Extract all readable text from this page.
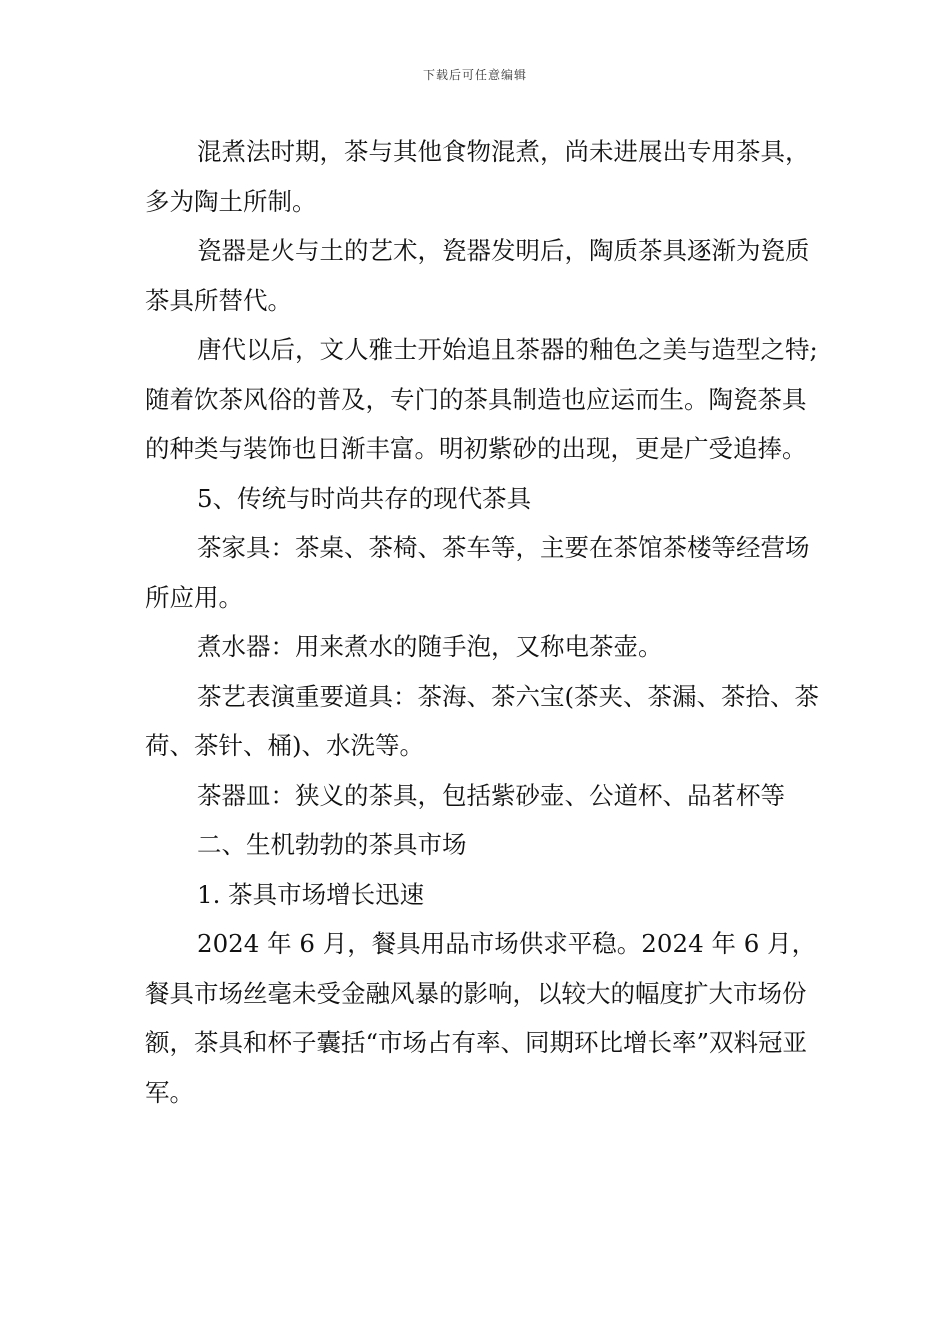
下载后可任意编辑

混煮法时期，茶与其他食物混煮，尚未进展出专用茶具，多为陶土所制。

瓷器是火与土的艺术，瓷器发明后，陶质茶具逐渐为瓷质茶具所替代。

唐代以后，文人雅士开始追且茶器的釉色之美与造型之特;随着饮茶风俗的普及，专门的茶具制造也应运而生。陶瓷茶具的种类与装饰也日渐丰富。明初紫砂的出现，更是广受追捧。

5、传统与时尚共存的现代茶具

茶家具：茶桌、茶椅、茶车等，主要在茶馆茶楼等经营场所应用。

煮水器：用来煮水的随手泡，又称电茶壶。

茶艺表演重要道具：茶海、茶六宝(茶夹、茶漏、茶拾、茶荷、茶针、桶)、水洗等。

茶器皿：狭义的茶具，包括紫砂壶、公道杯、品茗杯等

二、生机勃勃的茶具市场

1. 茶具市场增长迅速

2024 年 6 月，餐具用品市场供求平稳。2024 年 6 月，餐具市场丝毫未受金融风暴的影响，以较大的幅度扩大市场份额，茶具和杯子囊括“市场占有率、同期环比增长率”双料冠亚军。
